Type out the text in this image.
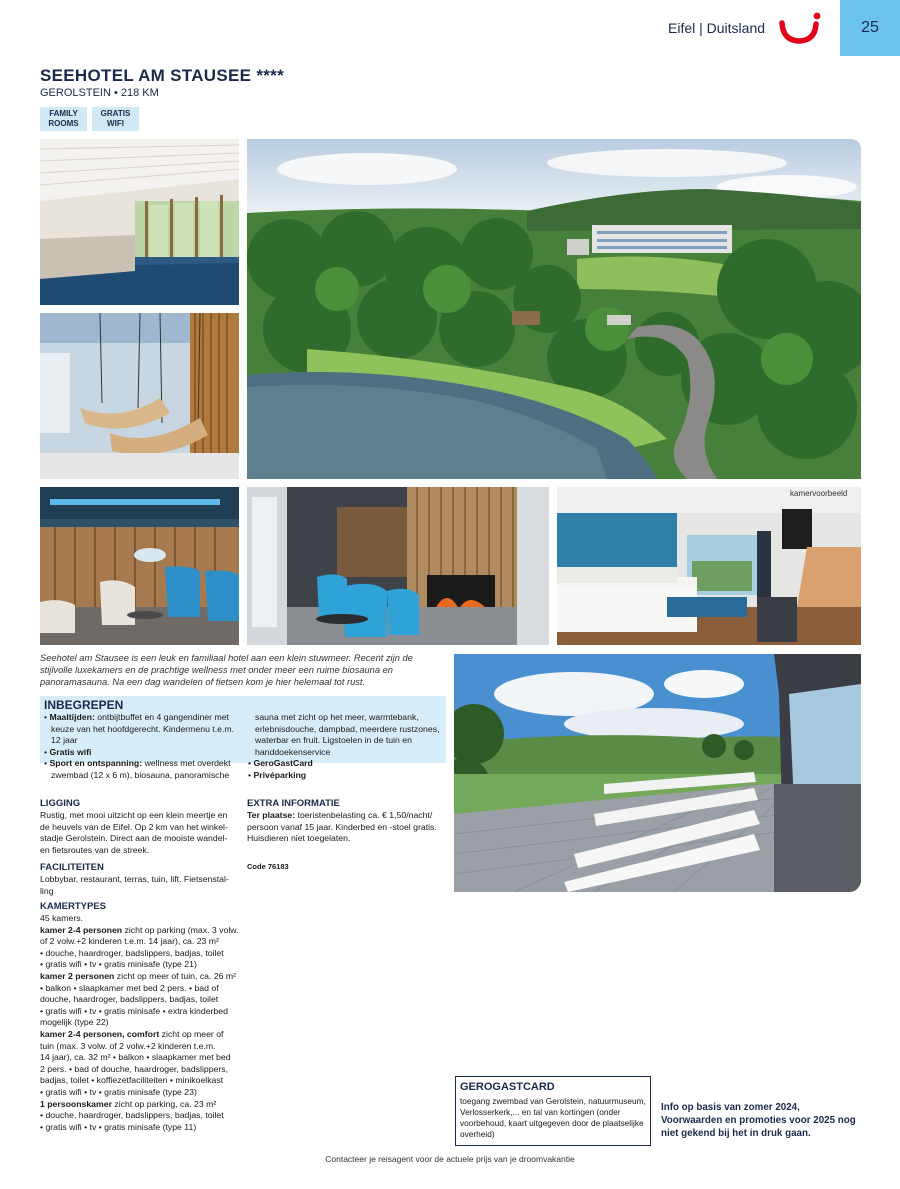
Eifel | Duitsland	25
SEEHOTEL AM STAUSEE ****
GEROLSTEIN • 218 KM
FAMILY ROOMS
GRATIS WIFI
kamervoorbeeld
Seehotel am Stausee is een leuk en familiaal hotel aan een klein stuwmeer. Recent zijn de stijlvolle luxekamers en de prachtige wellness met onder meer een ruime biosauna en panoramasauna. Na een dag wandelen of fietsen kom je hier helemaal tot rust.
INBEGREPEN
• Maaltijden: ontbijtbuffet en 4 gangendiner met
keuze van het hoofdgerecht. Kindermenu t.e.m.
12 jaar
• Gratis wifi
• Sport en ontspanning: wellness met overdekt
zwembad (12 x 6 m), biosauna, panoramische
sauna met zicht op het meer, warmtebank,
erlebnisdouche, dampbad, meerdere rustzones,
waterbar en fruit. Ligstoelen in de tuin en
handdoekenservice
• GeroGastCard
• Privéparking
LIGGING
Rustig, met mooi uitzicht op een klein meertje en de heuvels van de Eifel. Op 2 km van het winkel-stadje Gerolstein. Direct aan de mooiste wandel- en fietsroutes van de streek.
FACILITEITEN
Lobbybar, restaurant, terras, tuin, lift. Fietsenstal-ling
KAMERTYPES
45 kamers.
kamer 2-4 personen zicht op parking (max. 3 volw.
of 2 volw.+2 kinderen t.e.m. 14 jaar), ca. 23 m²
• douche, haardroger, badslippers, badjas, toilet
• gratis wifi • tv • gratis minisafe (type 21)
kamer 2 personen zicht op meer of tuin, ca. 26 m²
• balkon • slaapkamer met bed 2 pers. • bad of
douche, haardroger, badslippers, badjas, toilet
• gratis wifi • tv • gratis minisafe • extra kinderbed
mogelijk (type 22)
kamer 2-4 personen, comfort zicht op meer of
tuin (max. 3 volw. of 2 volw.+2 kinderen t.e.m.
14 jaar), ca. 32 m² • balkon • slaapkamer met bed
2 pers. • bad of douche, haardroger, badslippers,
badjas, toilet • koffiezetfaciliteiten • minikoelkast
• gratis wifi • tv • gratis minisafe (type 23)
1 persoonskamer zicht op parking, ca. 23 m²
• douche, haardroger, badslippers, badjas, toilet
• gratis wifi • tv • gratis minisafe (type 11)
EXTRA INFORMATIE
Ter plaatse: toeristenbelasting ca. € 1,50/nacht/ persoon vanaf 15 jaar. Kinderbed en -stoel gratis. Huisdieren niet toegelaten.
Code 76183
GEROGASTCARD
toegang zwembad van Gerolstein, natuurmuseum, Verlosserkerk,... en tal van kortingen (onder voorbehoud, kaart uitgegeven door de plaatselijke overheid)
Info op basis van zomer 2024, Voorwaarden en promoties voor 2025 nog niet gekend bij het in druk gaan.
Contacteer je reisagent voor de actuele prijs van je droomvakantie
